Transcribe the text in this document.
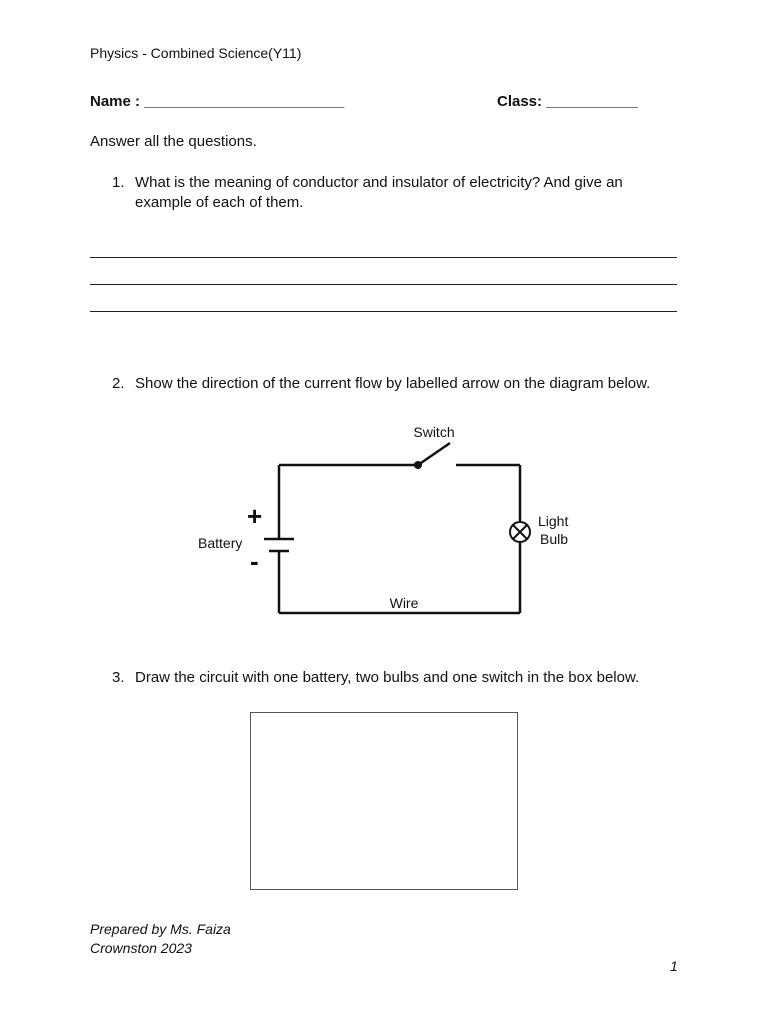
Physics - Combined Science(Y11)
Name : ________________________	Class: ___________
Answer all the questions.
1. What is the meaning of conductor and insulator of electricity? And give an example of each of them.
2. Show the direction of the current flow by labelled arrow on the diagram below.
Switch
Battery
+
-
Light
Bulb
Wire
3. Draw the circuit with one battery, two bulbs and one switch in the box below.
Prepared by Ms. Faiza
Crownston 2023
1
